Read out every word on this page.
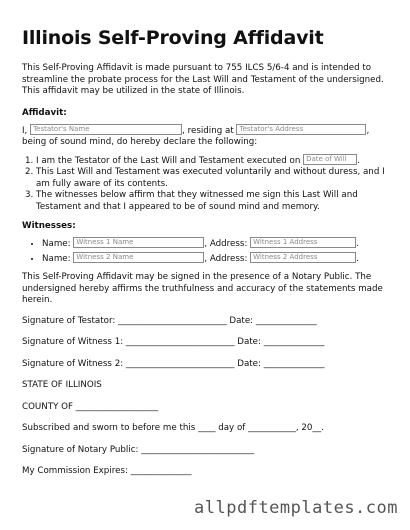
Illinois Self-Proving Affidavit

This Self-Proving Affidavit is made pursuant to 755 ILCS 5/6-4 and is intended to streamline the probate process for the Last Will and Testament of the undersigned. This affidavit may be utilized in the state of Illinois.

Affidavit:

I, Testator's Name	, residing at Testator's Address	, being of sound mind, do hereby declare the following:

1. I am the Testator of the Last Will and Testament executed on Date of Will .
2. This Last Will and Testament was executed voluntarily and without duress, and I am fully aware of its contents.
3. The witnesses below affirm that they witnessed me sign this Last Will and Testament and that I appeared to be of sound mind and memory.
Witnesses:
• Name: Witness 1 Name	, Address: Witness 1 Address	.
• Name: Witness 2 Name	, Address: Witness 2 Address	.

This Self-Proving Affidavit may be signed in the presence of a Notary Public. The undersigned hereby affirms the truthfulness and accuracy of the statements made herein.

Signature of Testator: _________________________ Date: ______________

Signature of Witness 1: _________________________ Date: ______________

Signature of Witness 2: _________________________ Date: ______________

STATE OF ILLINOIS

COUNTY OF ___________________

Subscribed and sworn to before me this ____ day of ___________, 20__.

Signature of Notary Public: __________________________

My Commission Expires: ______________

allpdftemplates.com
